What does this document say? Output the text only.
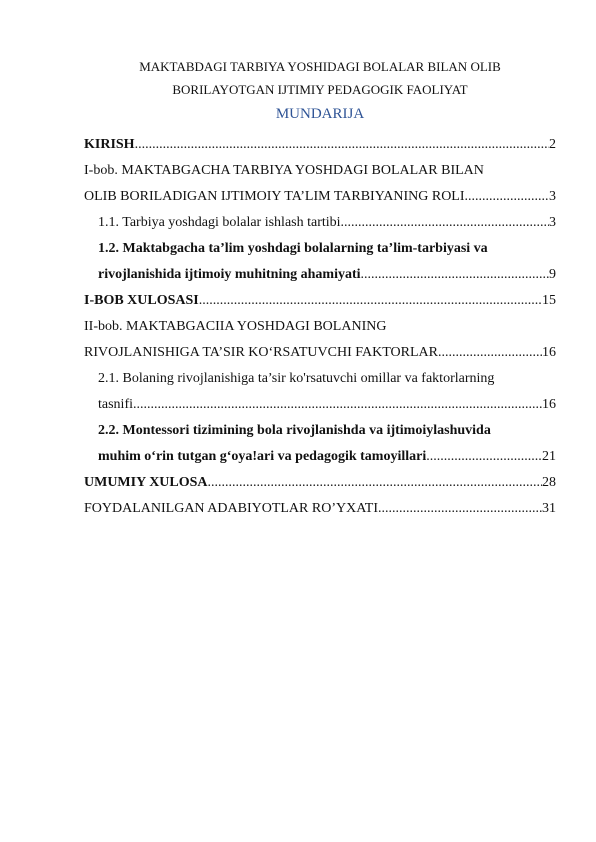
MAKTABDAGI TARBIYA YOSHIDAGI BOLALAR BILAN OLIB
BORILAYOTGAN IJTIMIY PEDAGOGIK FAOLIYAT
MUNDARIJA
KIRISH .....	2
I-bob. MAKTABGACHA TARBIYA YOSHDAGI BOLALAR BILAN
OLIB BORILADIGAN IJTIMOIY TA’LIM TARBIYANING ROLI .....	3
1.1. Tarbiya yoshdagi bolalar ishlash tartibi .....	3
1.2. Maktabgacha ta’lim yoshdagi bolalarning ta’lim-tarbiyasi va
rivojlanishida ijtimoiy muhitning ahamiyati .....	9
I-BOB XULOSASI .....	15
II-bob. MAKTABGACIIA YOSHDAGI BOLANING
RIVOJLANISHIGA TA’SIR KO‘RSATUVCHI FAKTORLAR .....	16
2.1. Bolaning rivojlanishiga ta’sir ko'rsatuvchi omillar va faktorlarning
tasnifi .....	16
2.2. Montessori tizimining bola rivojlanishda va ijtimoiylashuvida
muhim o‘rin tutgan g‘oya!ari va pedagogik tamoyillari .....	21
UMUMIY XULOSA .....	28
FOYDALANILGAN ADABIYOTLAR RO’YXATI .....	31
